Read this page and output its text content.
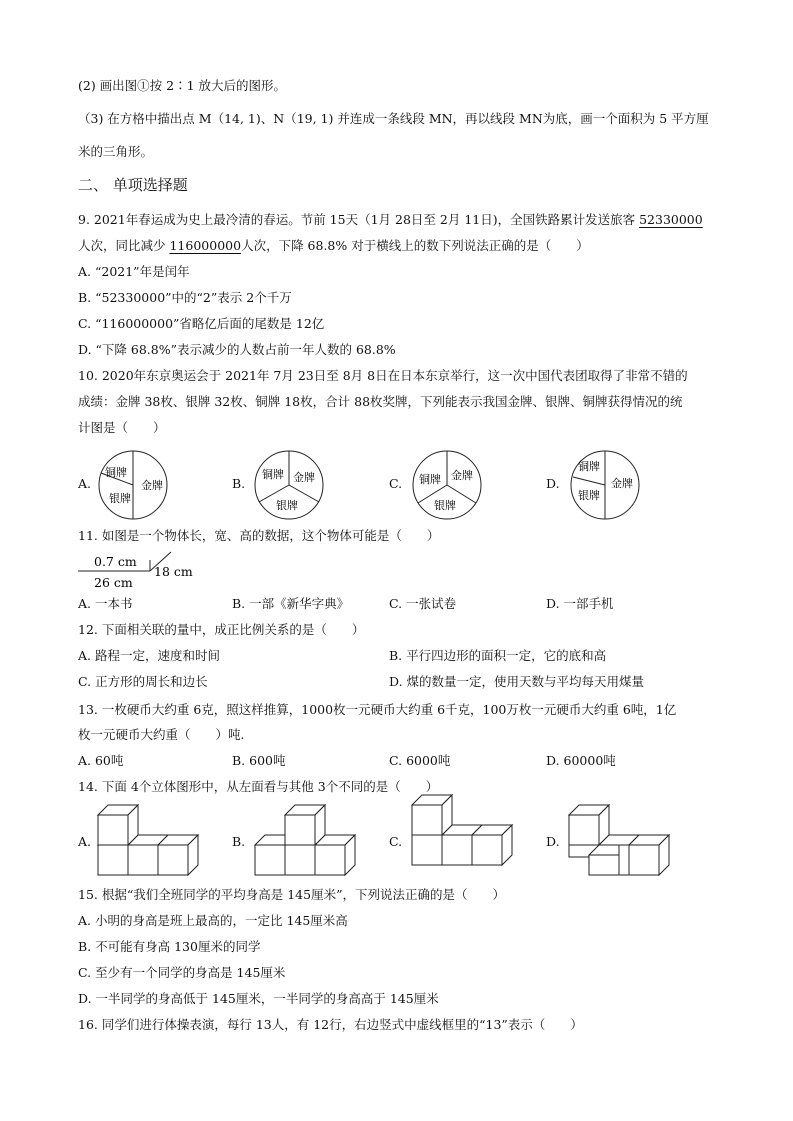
(2) 画出图①按 2∶1 放大后的图形。
（3) 在方格中描出点 M（14, 1)、N（19, 1) 并连成一条线段 MN，再以线段 MN为底，画一个面积为 5 平方厘
米的三角形。
二、 单项选择题
9. 2021年春运成为史上最冷清的春运。节前 15天（1月 28日至 2月 11日)，全国铁路累计发送旅客 52330000
人次，同比减少 116000000人次，下降 68.8% 对于横线上的数下列说法正确的是（　　）
A. “2021”年是闰年
B. “52330000”中的“2”表示 2个千万
C. “116000000”省略亿后面的尾数是 12亿
D. “下降 68.8%”表示减少的人数占前一年人数的 68.8%
10. 2020年东京奥运会于 2021年 7月 23日至 8月 8日在日本东京举行，这一次中国代表团取得了非常不错的
成绩：金牌 38枚、银牌 32枚、铜牌 18枚，合计 88枚奖牌，下列能表示我国金牌、银牌、铜牌获得情况的统
计图是（　　）
A.
铜牌
金牌
银牌
B.
铜牌 金牌
银牌
C. 铜牌 金牌
银牌
D.
铜牌
金牌
银牌
11. 如图是一个物体长，宽、高的数据，这个物体可能是（　　）
0.7 cm
18 cm
26 cm
A. 一本书	B. 一部《新华字典》	C. 一张试卷	D. 一部手机
12. 下面相关联的量中，成正比例关系的是（　　）
A. 路程一定，速度和时间	B. 平行四边形的面积一定，它的底和高
C. 正方形的周长和边长	D. 煤的数量一定，使用天数与平均每天用煤量
13. 一枚硬币大约重 6克，照这样推算，1000枚一元硬币大约重 6千克，100万枚一元硬币大约重 6吨，1亿
枚一元硬币大约重（　　）吨.
A. 60吨	B. 600吨	C. 6000吨	D. 60000吨
14. 下面 4个立体图形中，从左面看与其他 3个不同的是（　　）
A.	B.	C.	D.
15. 根据“我们全班同学的平均身高是 145厘米”，下列说法正确的是（　　）
A. 小明的身高是班上最高的，一定比 145厘米高
B. 不可能有身高 130厘米的同学
C. 至少有一个同学的身高是 145厘米
D. 一半同学的身高低于 145厘米，一半同学的身高高于 145厘米
16. 同学们进行体操表演，每行 13人，有 12行，右边竖式中虚线框里的“13”表示（　　）
